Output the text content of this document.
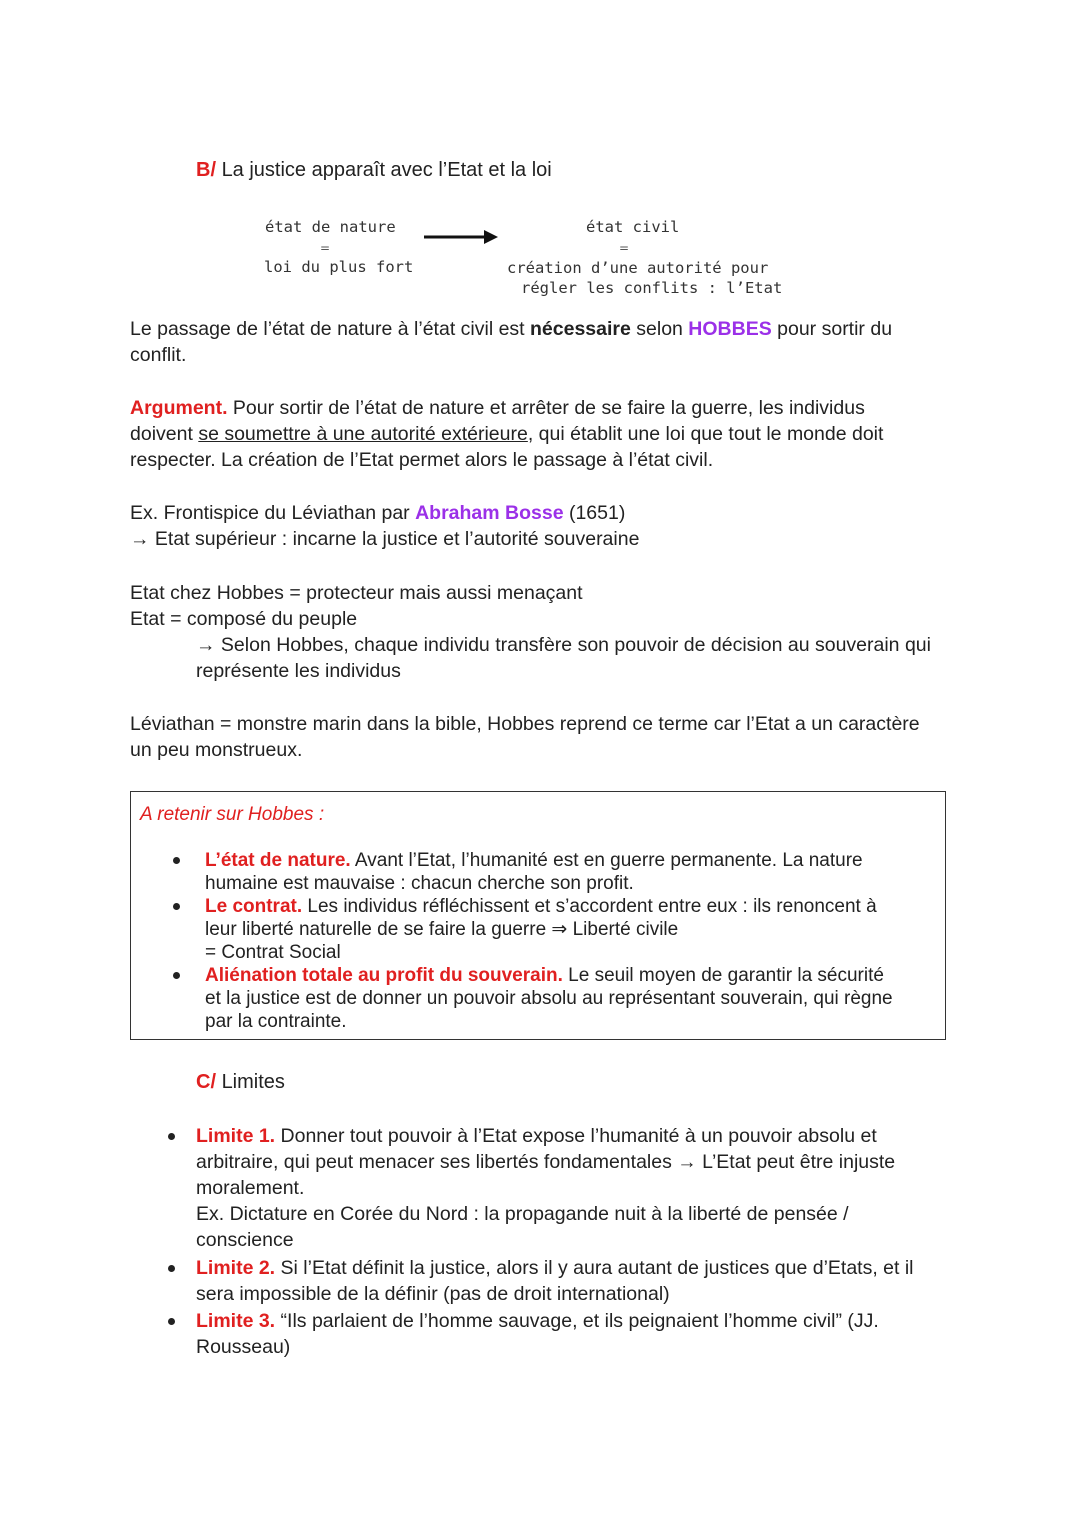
B/ La justice apparaît avec l’Etat et la loi
état de nature
=
loi du plus fort
état civil
=
création d’une autorité pour
régler les conflits : l’Etat
Le passage de l’état de nature à l’état civil est nécessaire selon HOBBES pour sortir du
conflit.
Argument. Pour sortir de l’état de nature et arrêter de se faire la guerre, les individus
doivent se soumettre à une autorité extérieure, qui établit une loi que tout le monde doit
respecter. La création de l’Etat permet alors le passage à l’état civil.
Ex. Frontispice du Léviathan par Abraham Bosse (1651)
→ Etat supérieur : incarne la justice et l’autorité souveraine
Etat chez Hobbes = protecteur mais aussi menaçant
Etat = composé du peuple
→ Selon Hobbes, chaque individu transfère son pouvoir de décision au souverain qui
représente les individus
Léviathan = monstre marin dans la bible, Hobbes reprend ce terme car l’Etat a un caractère
un peu monstrueux.
A retenir sur Hobbes :
L’état de nature. Avant l’Etat, l’humanité est en guerre permanente. La nature
humaine est mauvaise : chacun cherche son profit.
Le contrat. Les individus réfléchissent et s’accordent entre eux : ils renoncent à
leur liberté naturelle de se faire la guerre ⇒ Liberté civile
= Contrat Social
Aliénation totale au profit du souverain. Le seuil moyen de garantir la sécurité
et la justice est de donner un pouvoir absolu au représentant souverain, qui règne
par la contrainte.
C/ Limites
Limite 1. Donner tout pouvoir à l’Etat expose l’humanité à un pouvoir absolu et
arbitraire, qui peut menacer ses libertés fondamentales → L’Etat peut être injuste
moralement.
Ex. Dictature en Corée du Nord : la propagande nuit à la liberté de pensée /
conscience
Limite 2. Si l’Etat définit la justice, alors il y aura autant de justices que d’Etats, et il
sera impossible de la définir (pas de droit international)
Limite 3. “Ils parlaient de l’homme sauvage, et ils peignaient l’homme civil” (JJ.
Rousseau)
